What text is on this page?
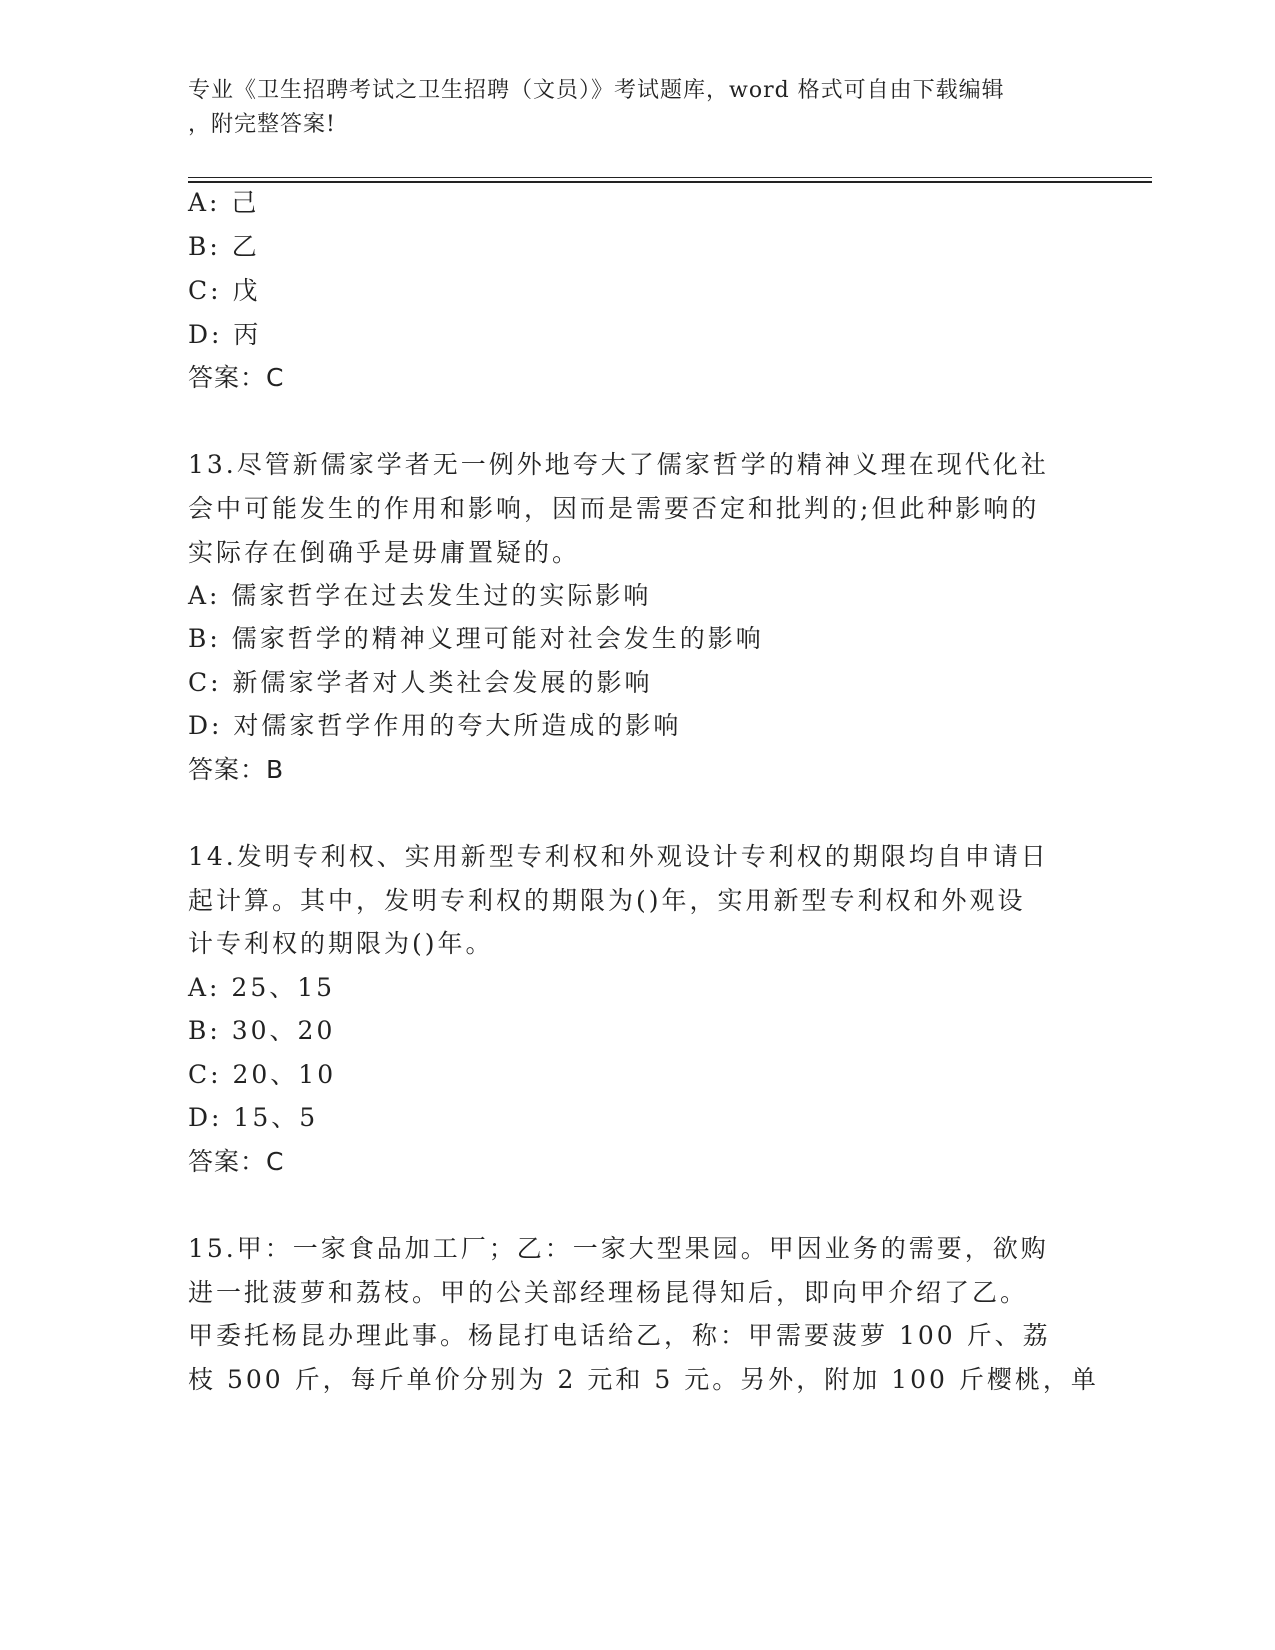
专业《卫生招聘考试之卫生招聘（文员）》考试题库，word 格式可自由下载编辑
，附完整答案!
A: 己
B: 乙
C: 戊
D: 丙
答案：C
13.尽管新儒家学者无一例外地夸大了儒家哲学的精神义理在现代化社
会中可能发生的作用和影响，因而是需要否定和批判的;但此种影响的
实际存在倒确乎是毋庸置疑的。
A: 儒家哲学在过去发生过的实际影响
B: 儒家哲学的精神义理可能对社会发生的影响
C: 新儒家学者对人类社会发展的影响
D: 对儒家哲学作用的夸大所造成的影响
答案：B
14.发明专利权、实用新型专利权和外观设计专利权的期限均自申请日
起计算。其中，发明专利权的期限为()年，实用新型专利权和外观设
计专利权的期限为()年。
A: 25、15
B: 30、20
C: 20、10
D: 15、5
答案：C
15.甲：一家食品加工厂；乙：一家大型果园。甲因业务的需要，欲购
进一批菠萝和荔枝。甲的公关部经理杨昆得知后，即向甲介绍了乙。
甲委托杨昆办理此事。杨昆打电话给乙，称：甲需要菠萝 100 斤、荔
枝 500 斤，每斤单价分别为 2 元和 5 元。另外，附加 100 斤樱桃，单
